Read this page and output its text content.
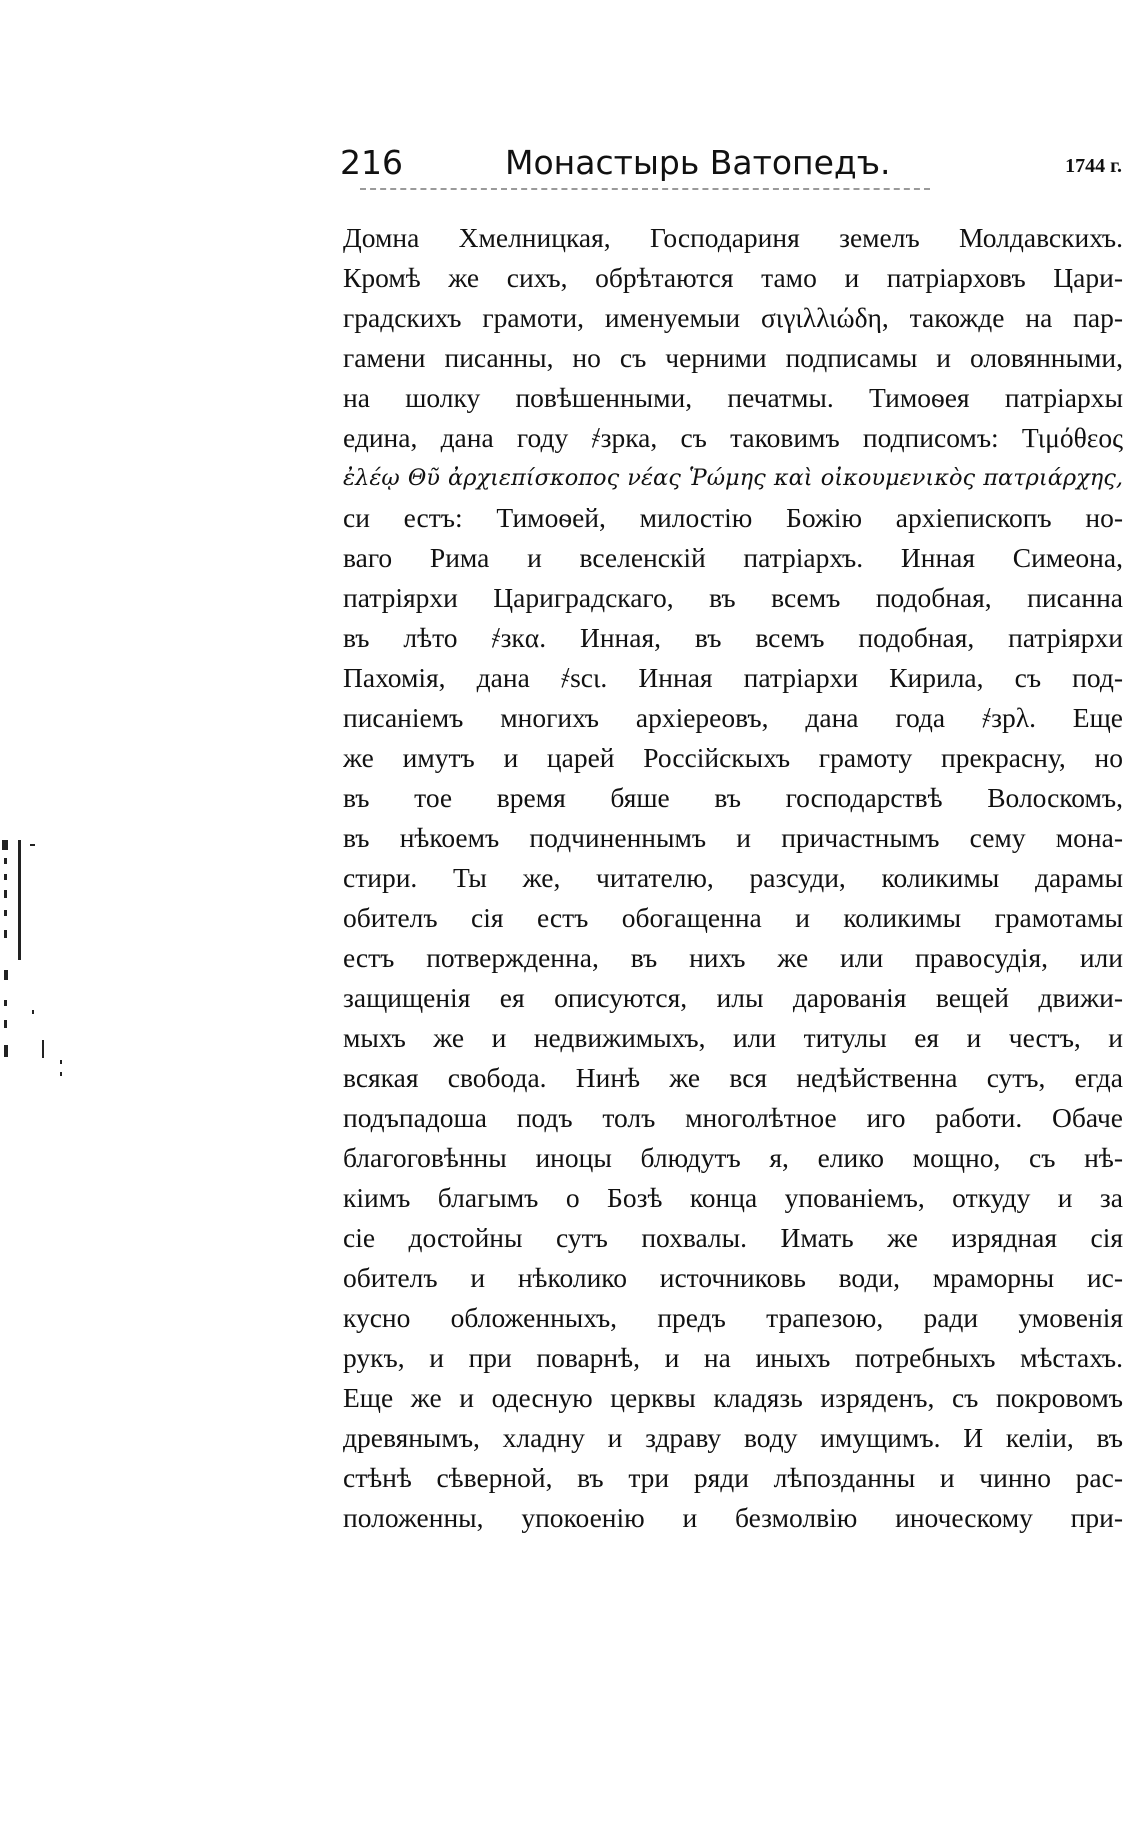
216	Монастырь Ватопедъ.	1744 г.
Домна Хмелницкая, Господариня земелъ Молдавскихъ.
Кромѣ же сихъ, обрѣтаются тамо и патріарховъ Цари-
градскихъ грамоти, именуемыи σιγιλλιώδη, такожде на пар-
гамени писанны, но съ черними подписамы и оловянными,
на шолку повѣшенными, печатмы. Тимоѳея патріархы
едина, дана году ҂зрка, съ таковимъ подписомъ: Τιμόθεος
ἐλέῳ Θῦ ἀρχιεπίσκοπος νέας Ῥώμης καὶ οἰκουμενικὸς πατριάρχης,
си естъ: Тимоѳей, милостію Божію архіепископъ но-
ваго Рима и вселенскій патріархъ. Инная Симеона,
патріярхи Цариградскаго, въ всемъ подобная, писанна
въ лѣто ҂зкα. Инная, въ всемъ подобная, патріярхи
Пахомія, дана ҂ѕcι. Инная патріархи Кирила, съ под-
писаніемъ многихъ архіереовъ, дана года ҂зрλ. Еще
же имутъ и царей Россійскыхъ грамоту прекрасну, но
въ тое время бяше въ господарствѣ Волоскомъ,
въ нѣкоемъ подчиненнымъ и причастнымъ сему мона-
стири. Ты же, читателю, разсуди, коликимы дарамы
обителъ сія естъ обогащенна и коликимы грамотамы
естъ потвержденна, въ нихъ же или правосудія, или
защищенія ея описуются, илы дарованія вещей движи-
мыхъ же и недвижимыхъ, или титулы ея и честъ, и
всякая свобода. Нинѣ же вся недѣйственна сутъ, егда
подъпадоша подъ толъ многолѣтное иго работи. Обаче
благоговѣнны иноцы блюдутъ я, елико мощно, съ нѣ-
кіимъ благымъ о Бозѣ конца упованіемъ, откуду и за
сіе достойны сутъ похвалы. Имать же изрядная сія
обителъ и нѣколико источниковь води, мраморны ис-
кусно обложенныхъ, предъ трапезою, ради умовенія
рукъ, и при поварнѣ, и на иныхъ потребныхъ мѣстахъ.
Еще же и одесную церквы кладязь изряденъ, съ покровомъ
древянымъ, хладну и здраву воду имущимъ. И келіи, въ
стѣнѣ сѣверной, въ три ряди лѣпозданны и чинно рас-
положенны, упокоенію и безмолвію иноческому при-
